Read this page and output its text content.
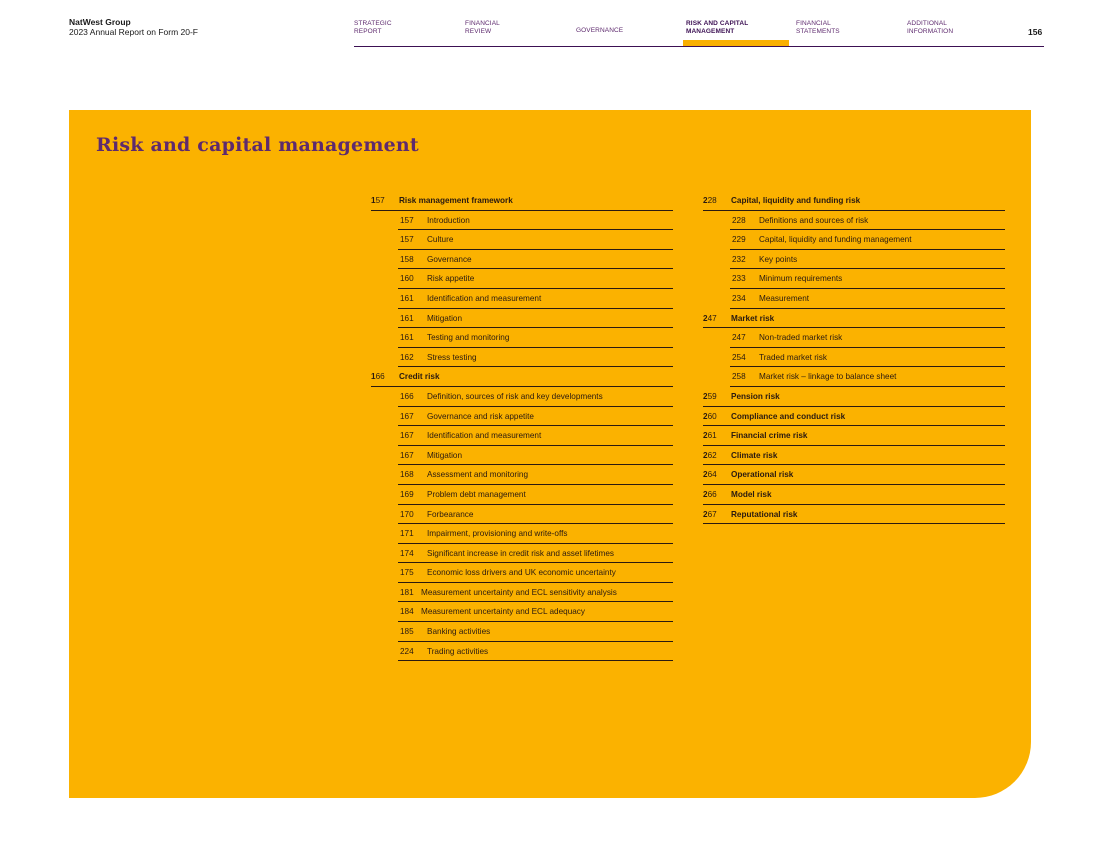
NatWest Group
2023 Annual Report on Form 20-F
STRATEGIC
REPORT
FINANCIAL
REVIEW	GOVERNANCE
RISK AND CAPITAL
MANAGEMENT
FINANCIAL
STATEMENTS
ADDITIONAL
INFORMATION	156
Risk and capital management
157 Risk management framework
157 Introduction
157 Culture
158 Governance
160 Risk appetite
161 Identification and measurement
161 Mitigation
161 Testing and monitoring
162 Stress testing
166 Credit risk
166 Definition, sources of risk and key developments
167 Governance and risk appetite
167 Identification and measurement
167 Mitigation
168 Assessment and monitoring
169 Problem debt management
170 Forbearance
171 Impairment, provisioning and write-offs
174 Significant increase in credit risk and asset lifetimes
175 Economic loss drivers and UK economic uncertainty
181 Measurement uncertainty and ECL sensitivity analysis
184 Measurement uncertainty and ECL adequacy
185 Banking activities
224 Trading activities
228 Capital, liquidity and funding risk
228 Definitions and sources of risk
229 Capital, liquidity and funding management
232 Key points
233 Minimum requirements
234 Measurement
247 Market risk
247 Non-traded market risk
254 Traded market risk
258 Market risk – linkage to balance sheet
259 Pension risk
260 Compliance and conduct risk
261 Financial crime risk
262 Climate risk
264 Operational risk
266 Model risk
267 Reputational risk
